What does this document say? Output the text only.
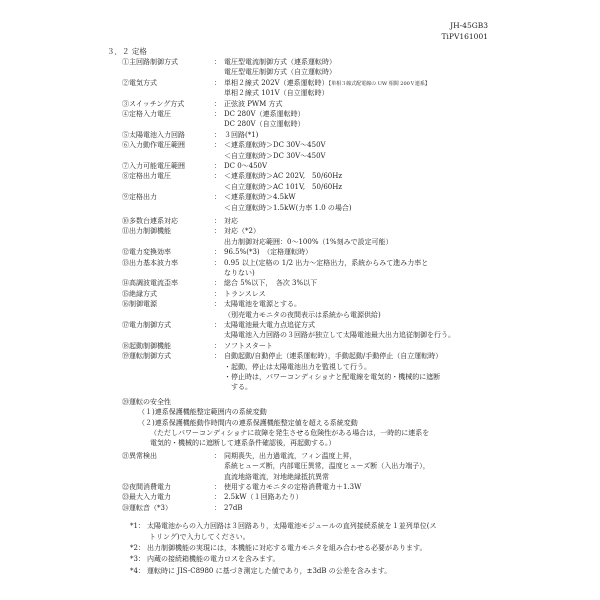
JH-45GB3
TiPV161001
３．２ 定格
①主回路制御方式	： 電圧型電流制御方式（連系運転時）
電圧型電圧制御方式（自立運転時）
②電気方式	： 単相２線式 202V（連系運転時）【単相３線式配電線の UW 相間 200Ｖ連系】
単相２線式 101V（自立運転時）
③スイッチング方式	： 正弦波 PWM 方式
④定格入力電圧	： DC 280V（連系運転時）
DC 280V（自立運転時）
⑤太陽電池入力回路	： ３回路(*1)
⑥入力動作電圧範囲	： ＜連系運転時＞DC 30V～450V
＜自立運転時＞DC 30V～450V
⑦入力可能電圧範囲	： DC 0～450V
⑧定格出力電圧	： ＜連系運転時＞AC 202V,　50/60Hz
＜自立運転時＞AC 101V,　50/60Hz
⑨定格出力	： ＜連系運転時＞4.5kW
＜自立運転時＞1.5kW(力率 1.0 の場合)
⑩多数台連系対応	： 対応
⑪出力制御機能	： 対応（*2）
出力制御対応範囲：0～100%（1%刻みで設定可能）
⑫電力変換効率	： 96.5%(*3)　（定格運転時）
⑬出力基本波力率	： 0.95 以上(定格の 1/2 出力～定格出力，系統からみて進み力率と
なりない)
⑭高調波電流歪率	： 総合 5%以下，　各次 3%以下
⑮絶縁方式	： トランスレス
⑯制御電源	： 太陽電池を電源とする。
（別売電力モニタの夜間表示は系統から電源供給)
⑰電力制御方式	： 太陽電池最大電力点追従方式
太陽電池入力回路の３回路が独立して太陽電池最大出力追従制御を行う。
⑱起動制御機能	： ソフトスタート
⑲運転制御方式	： 自動起動/自動停止（連系運転時），手動起動/手動停止（自立運転時）
・起動，停止は太陽電池出力を監視して行う。
・停止時は，パワーコンディショナと配電線を電気的・機械的に遮断
　する。
⑳運転の安全性
（１)連系保護機能整定範囲内の系統変動
（２)連系保護機能動作時間内の連系保護機能整定値を超える系統変動
（ただしパワーコンディショナに故障を発生させる危険性がある場合は，一時的に連系を
電気的・機械的に遮断して連系条件確認後，再起動する。）
㉑異常検出	： 同期喪失，出力過電流，フィン温度上昇，
系統ヒューズ断，内部電圧異常，温度ヒューズ断（入出力端子），
直流地絡電流，対地絶縁抵抗異常
㉒夜間消費電力	： 使用する電力モニタの定格消費電力＋1.3W
㉓最大入力電力	： 2.5kW（１回路あたり）
㉔運転音（*3）	： 27dB
*1： 太陽電池からの入力回路は３回路あり，太陽電池モジュールの直列接続系統を１並列単位(ス
トリング)で入力してください。
*2： 出力制御機能の実現には，本機能に対応する電力モニタを組み合わせる必要があります。
*3： 内蔵の接続箱機能の電力ロスを含みます。
*4： 運転時に JIS-C8980 に基づき測定した値であり，±3dB の公差を含みます。
